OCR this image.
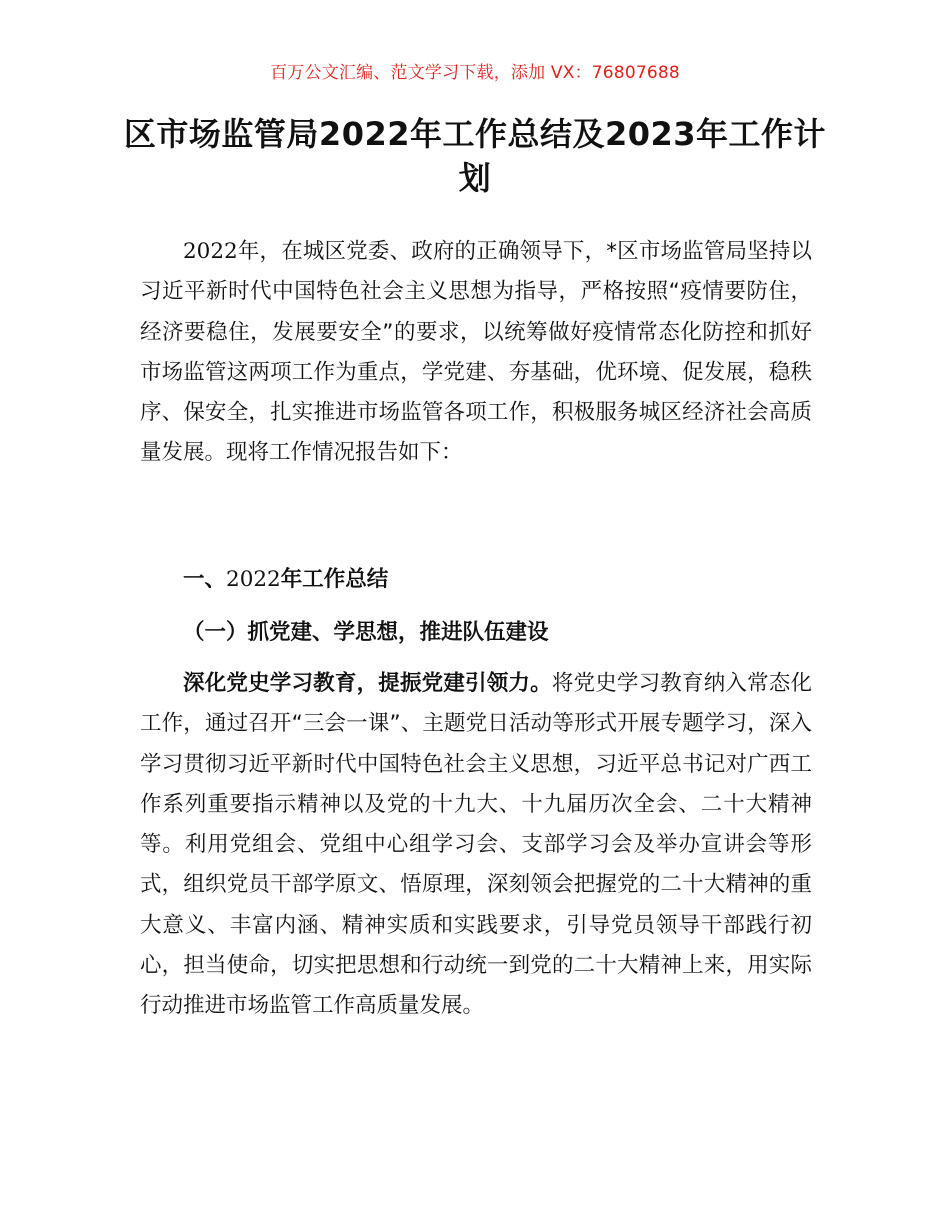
百万公文汇编、范文学习下载，添加 VX：76807688
区市场监管局2022年工作总结及2023年工作计划

2022年，在城区党委、政府的正确领导下，*区市场监管局坚持以习近平新时代中国特色社会主义思想为指导，严格按照“疫情要防住，经济要稳住，发展要安全”的要求，以统筹做好疫情常态化防控和抓好市场监管这两项工作为重点，学党建、夯基础，优环境、促发展，稳秩序、保安全，扎实推进市场监管各项工作，积极服务城区经济社会高质量发展。现将工作情况报告如下：

一、2022年工作总结

（一）抓党建、学思想，推进队伍建设

深化党史学习教育，提振党建引领力。将党史学习教育纳入常态化工作，通过召开“三会一课”、主题党日活动等形式开展专题学习，深入学习贯彻习近平新时代中国特色社会主义思想，习近平总书记对广西工作系列重要指示精神以及党的十九大、十九届历次全会、二十大精神等。利用党组会、党组中心组学习会、支部学习会及举办宣讲会等形式，组织党员干部学原文、悟原理，深刻领会把握党的二十大精神的重大意义、丰富内涵、精神实质和实践要求，引导党员领导干部践行初心，担当使命，切实把思想和行动统一到党的二十大精神上来，用实际行动推进市场监管工作高质量发展。
